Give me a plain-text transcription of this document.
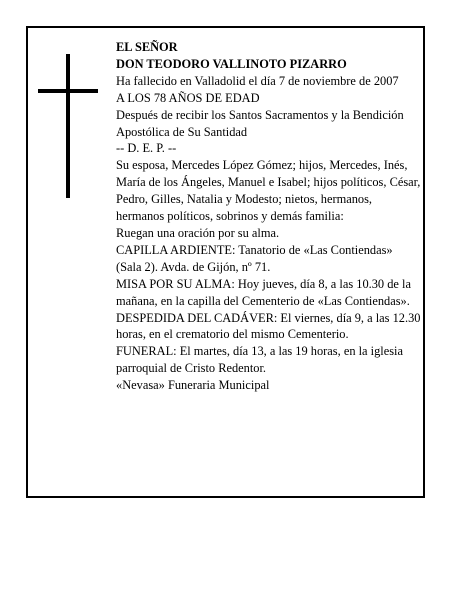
EL SEÑOR

DON TEODORO VALLINOTO PIZARRO

Ha fallecido en Valladolid el día 7 de noviembre de 2007

A LOS 78 AÑOS DE EDAD

Después de recibir los Santos Sacramentos y la Bendición Apostólica de Su Santidad

-- D. E. P. --

Su esposa, Mercedes López Gómez; hijos, Mercedes, Inés, María de los Ángeles, Manuel e Isabel; hijos políticos, César, Pedro, Gilles, Natalia y Modesto; nietos, hermanos, hermanos políticos, sobrinos y demás familia:

Ruegan una oración por su alma.

CAPILLA ARDIENTE: Tanatorio de «Las Contiendas» (Sala 2). Avda. de Gijón, nº 71.

MISA POR SU ALMA: Hoy jueves, día 8, a las 10.30 de la mañana, en la capilla del Cementerio de «Las Contiendas».

DESPEDIDA DEL CADÁVER: El viernes, día 9, a las 12.30 horas, en el crematorio del mismo Cementerio.

FUNERAL: El martes, día 13, a las 19 horas, en la iglesia parroquial de Cristo Redentor.

«Nevasa» Funeraria Municipal
